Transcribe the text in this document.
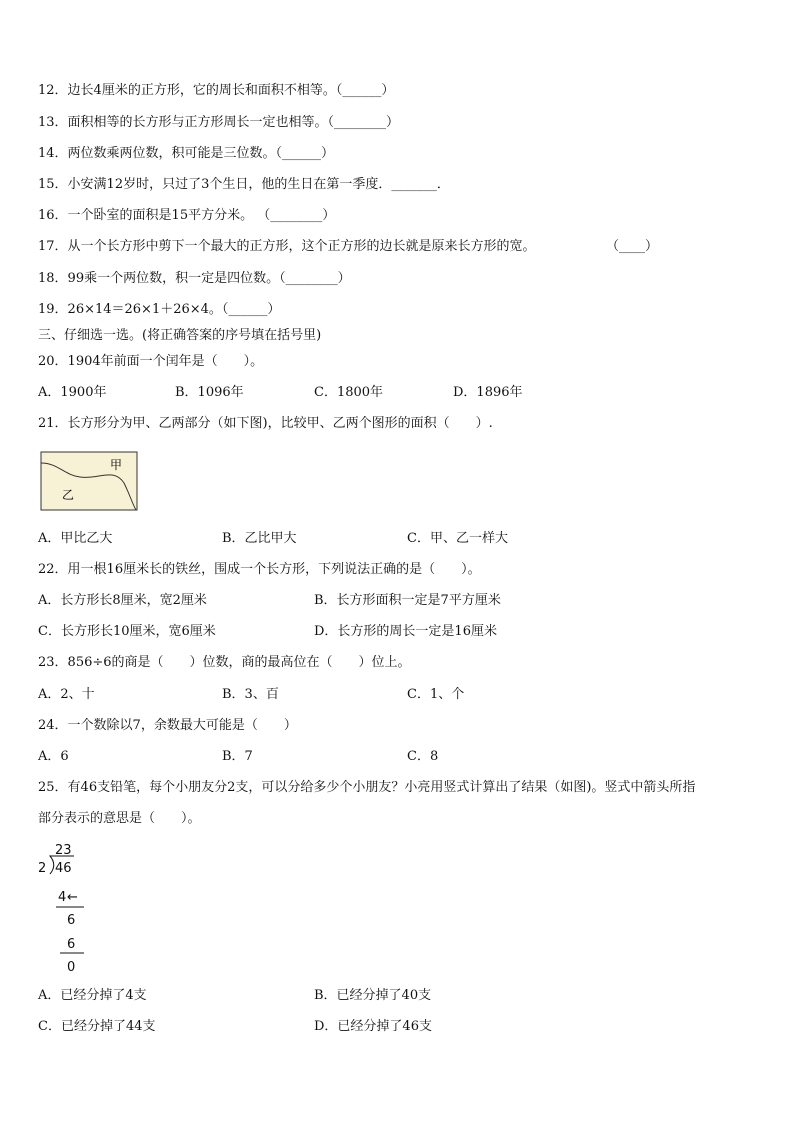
12．边长4厘米的正方形，它的周长和面积不相等。（______）
13．面积相等的长方形与正方形周长一定也相等。（________）
14．两位数乘两位数，积可能是三位数。（______）
15．小安满12岁时，只过了3个生日，他的生日在第一季度．_______．
16．一个卧室的面积是15平方分米。 （________）
17．从一个长方形中剪下一个最大的正方形，这个正方形的边长就是原来长方形的宽。	（____）
18．99乘一个两位数，积一定是四位数。（________）
19．26×14＝26×1＋26×4。（______）
三、仔细选一选。(将正确答案的序号填在括号里)
20．1904年前面一个闰年是（　　）。
A．1900年	B．1096年	C．1800年	D．1896年
21．长方形分为甲、乙两部分（如下图)，比较甲、乙两个图形的面积（　　）.
甲
乙
A．甲比乙大	B．乙比甲大	C．甲、乙一样大
22．用一根16厘米长的铁丝，围成一个长方形，下列说法正确的是（　　）。
A．长方形长8厘米，宽2厘米	B．长方形面积一定是7平方厘米
C．长方形长10厘米，宽6厘米	D．长方形的周长一定是16厘米
23．856÷6的商是（　　）位数，商的最高位在（　　）位上。
A．2、十	B．3、百	C．1、个
24．一个数除以7，余数最大可能是（　　）
A．6	B．7	C．8
25．有46支铅笔，每个小朋友分2支，可以分给多少个小朋友？小亮用竖式计算出了结果（如图)。竖式中箭头所指
部分表示的意思是（　　）。
23
2 46
4 ←
6
6
0
A．已经分掉了4支	B．已经分掉了40支
C．已经分掉了44支	D．已经分掉了46支
